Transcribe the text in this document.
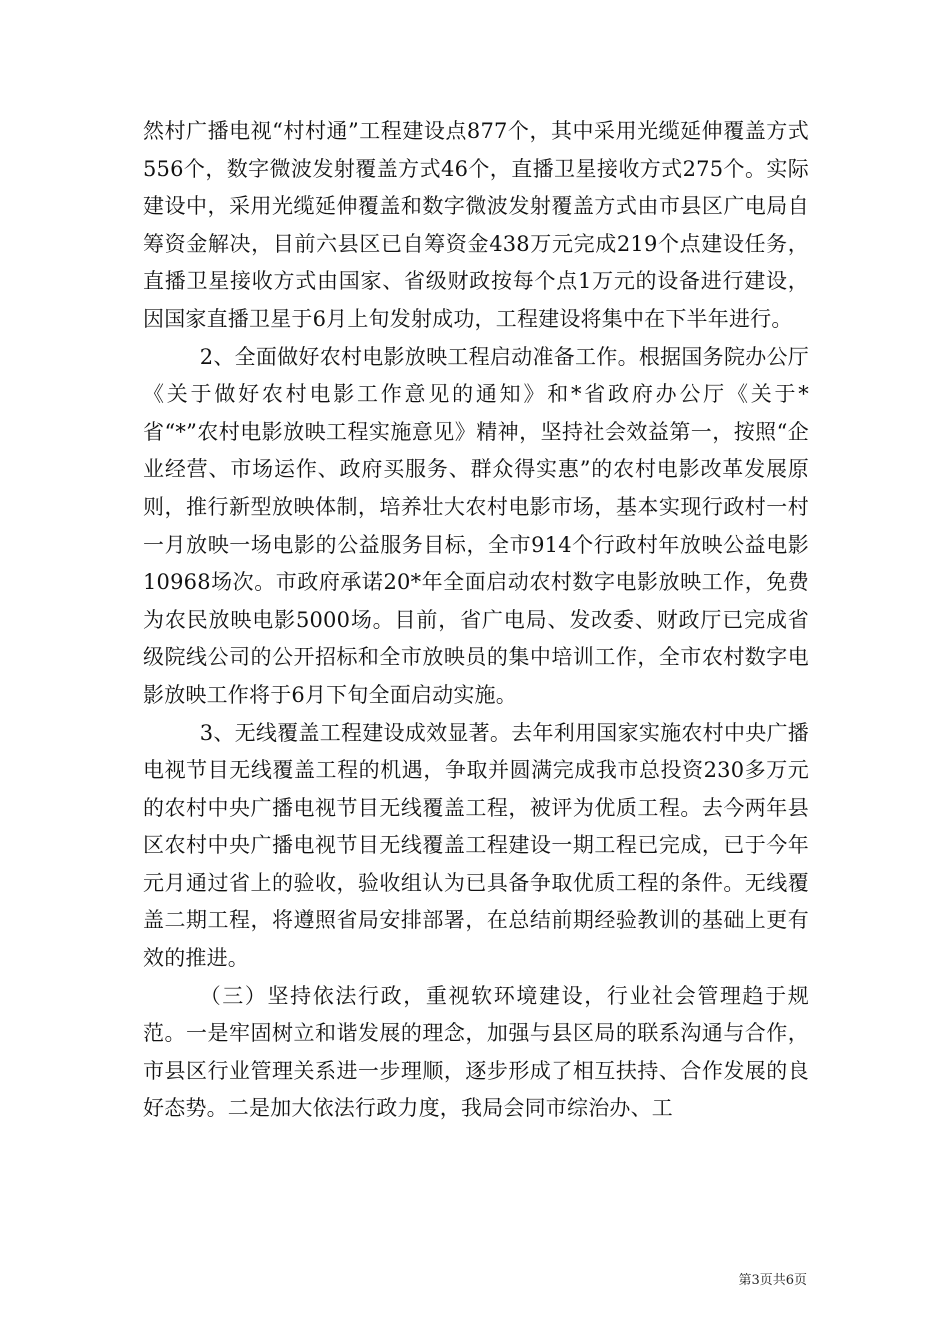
然村广播电视“村村通”工程建设点877个，其中采用光缆延伸覆盖方式556个，数字微波发射覆盖方式46个，直播卫星接收方式275个。实际建设中，采用光缆延伸覆盖和数字微波发射覆盖方式由市县区广电局自筹资金解决，目前六县区已自筹资金438万元完成219个点建设任务，直播卫星接收方式由国家、省级财政按每个点1万元的设备进行建设，因国家直播卫星于6月上旬发射成功，工程建设将集中在下半年进行。

2、全面做好农村电影放映工程启动准备工作。根据国务院办公厅《关于做好农村电影工作意见的通知》和*省政府办公厅《关于*省“*”农村电影放映工程实施意见》精神，坚持社会效益第一，按照“企业经营、市场运作、政府买服务、群众得实惠”的农村电影改革发展原则，推行新型放映体制，培养壮大农村电影市场，基本实现行政村一村一月放映一场电影的公益服务目标，全市914个行政村年放映公益电影10968场次。市政府承诺20*年全面启动农村数字电影放映工作，免费为农民放映电影5000场。目前，省广电局、发改委、财政厅已完成省级院线公司的公开招标和全市放映员的集中培训工作，全市农村数字电影放映工作将于6月下旬全面启动实施。

3、无线覆盖工程建设成效显著。去年利用国家实施农村中央广播电视节目无线覆盖工程的机遇，争取并圆满完成我市总投资230多万元的农村中央广播电视节目无线覆盖工程，被评为优质工程。去今两年县区农村中央广播电视节目无线覆盖工程建设一期工程已完成，已于今年元月通过省上的验收，验收组认为已具备争取优质工程的条件。无线覆盖二期工程，将遵照省局安排部署，在总结前期经验教训的基础上更有效的推进。

（三）坚持依法行政，重视软环境建设，行业社会管理趋于规范。一是牢固树立和谐发展的理念，加强与县区局的联系沟通与合作，市县区行业管理关系进一步理顺，逐步形成了相互扶持、合作发展的良好态势。二是加大依法行政力度，我局会同市综治办、工

第3页共6页
